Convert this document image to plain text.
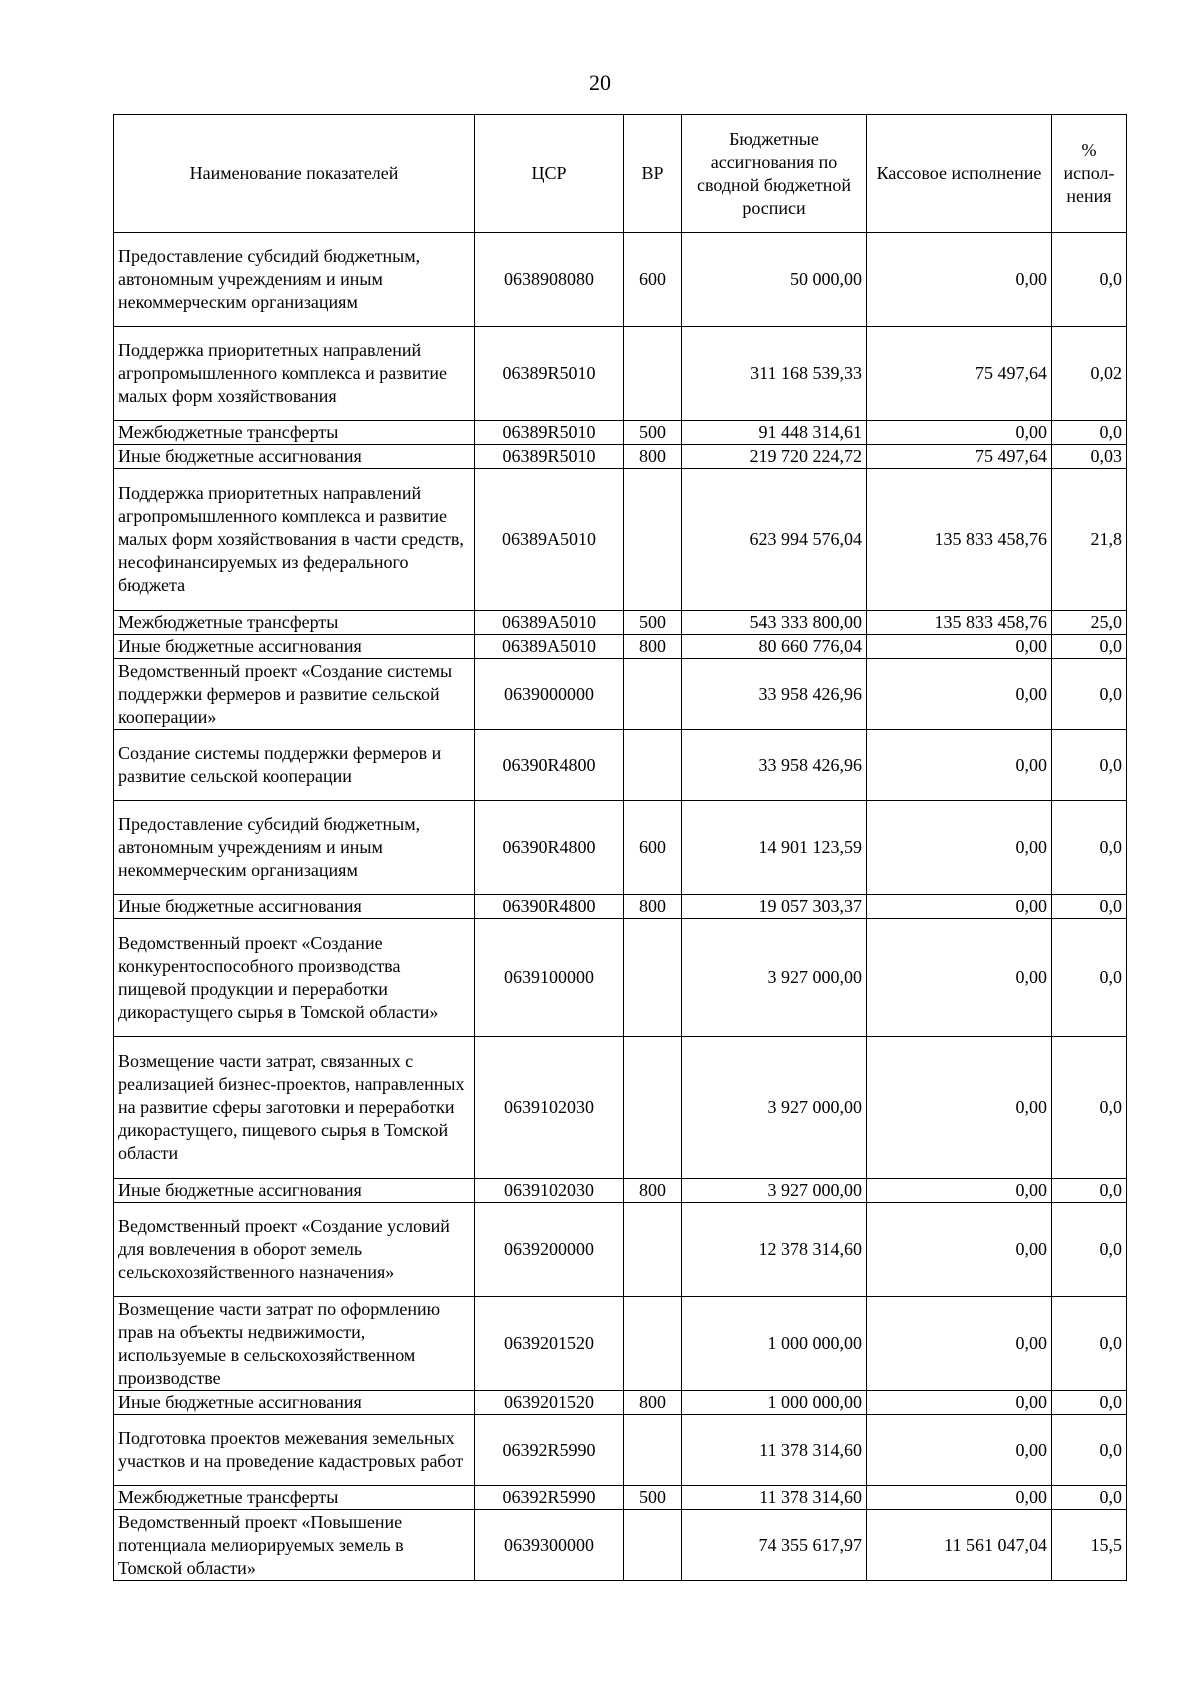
20
Наименование показателей	ЦСР	ВР	Бюджетные ассигнования по сводной бюджетной росписи	Кассовое исполнение	% испол-нения
Предоставление субсидий бюджетным, автономным учреждениям и иным некоммерческим организациям	0638908080	600	50 000,00	0,00	0,0
Поддержка приоритетных направлений агропромышленного комплекса и развитие малых форм хозяйствования	06389R5010		311 168 539,33	75 497,64	0,02
Межбюджетные трансферты	06389R5010	500	91 448 314,61	0,00	0,0
Иные бюджетные ассигнования	06389R5010	800	219 720 224,72	75 497,64	0,03
Поддержка приоритетных направлений агропромышленного комплекса и развитие малых форм хозяйствования в части средств, несофинансируемых из федерального бюджета	06389A5010		623 994 576,04	135 833 458,76	21,8
Межбюджетные трансферты	06389A5010	500	543 333 800,00	135 833 458,76	25,0
Иные бюджетные ассигнования	06389A5010	800	80 660 776,04	0,00	0,0
Ведомственный проект «Создание системы поддержки фермеров и развитие сельской кооперации»	0639000000		33 958 426,96	0,00	0,0
Создание системы поддержки фермеров и развитие сельской кооперации	06390R4800		33 958 426,96	0,00	0,0
Предоставление субсидий бюджетным, автономным учреждениям и иным некоммерческим организациям	06390R4800	600	14 901 123,59	0,00	0,0
Иные бюджетные ассигнования	06390R4800	800	19 057 303,37	0,00	0,0
Ведомственный проект «Создание конкурентоспособного производства пищевой продукции и переработки дикорастущего сырья в Томской области»	0639100000		3 927 000,00	0,00	0,0
Возмещение части затрат, связанных с реализацией бизнес-проектов, направленных на развитие сферы заготовки и переработки дикорастущего, пищевого сырья в Томской области	0639102030		3 927 000,00	0,00	0,0
Иные бюджетные ассигнования	0639102030	800	3 927 000,00	0,00	0,0
Ведомственный проект «Создание условий для вовлечения в оборот земель сельскохозяйственного назначения»	0639200000		12 378 314,60	0,00	0,0
Возмещение части затрат по оформлению прав на объекты недвижимости, используемые в сельскохозяйственном производстве	0639201520		1 000 000,00	0,00	0,0
Иные бюджетные ассигнования	0639201520	800	1 000 000,00	0,00	0,0
Подготовка проектов межевания земельных участков и на проведение кадастровых работ	06392R5990		11 378 314,60	0,00	0,0
Межбюджетные трансферты	06392R5990	500	11 378 314,60	0,00	0,0
Ведомственный проект «Повышение потенциала мелиорируемых земель в Томской области»	0639300000		74 355 617,97	11 561 047,04	15,5
